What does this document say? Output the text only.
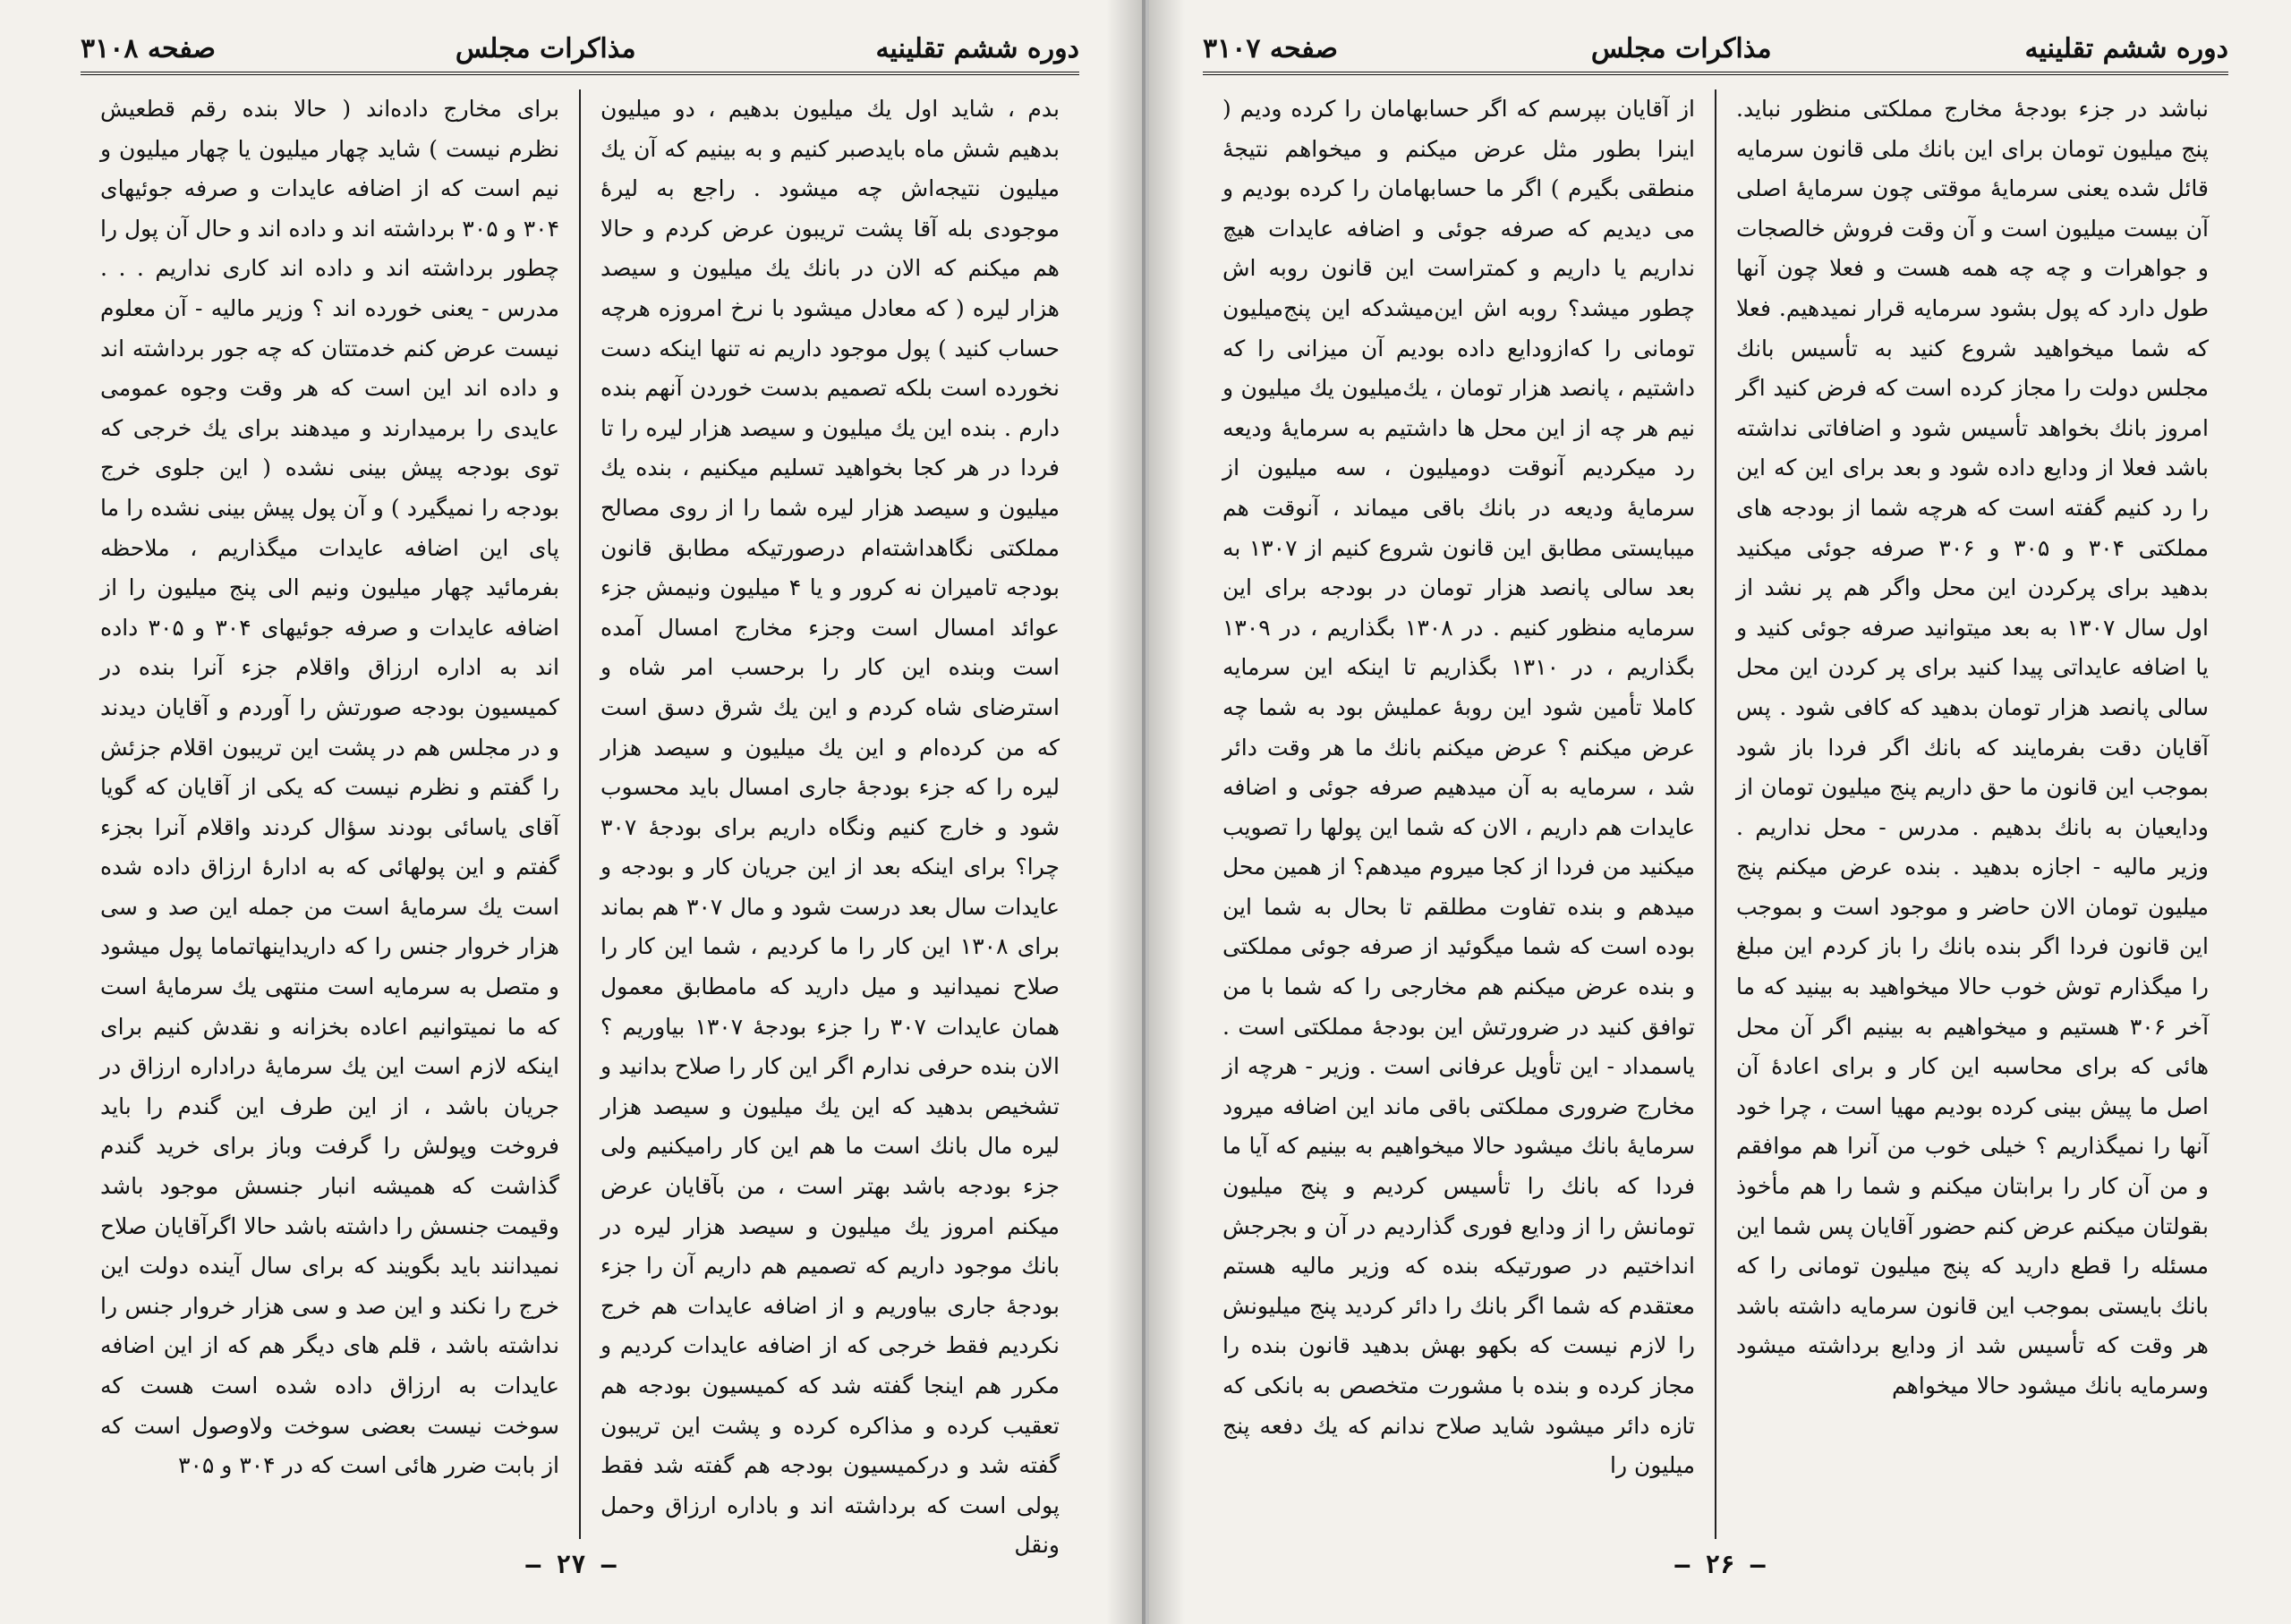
صفحه ۳۱۰۸	مذاکرات مجلس	دوره ششم تقلینیه

بدم ، شاید اول یك میلیون بدهیم ، دو میلیون بدهیم شش ماه بایدصبر کنیم و به بینیم که آن یك میلیون نتیجه‌اش چه میشود . راجع به لیرهٔ موجودی بله آقا پشت تریبون عرض کردم و حالا هم میکنم که الان در بانك یك میلیون و سیصد هزار لیره ( که معادل میشود با نرخ امروزه هرچه حساب کنید ) پول موجود داریم نه تنها اینکه دست نخورده است بلکه تصمیم بدست خوردن آنهم بنده دارم . بنده این یك میلیون و سیصد هزار لیره را تا فردا در هر کجا بخواهید تسلیم میکنیم ، بنده یك میلیون و سیصد هزار لیره شما را از روی مصالح مملکتی نگاهداشته‌ام درصورتیکه مطابق قانون بودجه تامیران نه کرور و یا ۴ میلیون ونیمش جزء عوائد امسال است وجزء مخارج امسال آمده است وبنده این کار را برحسب امر شاه و استرضای شاه کردم و این یك شرق دسق است که من کرده‌ام و این یك میلیون و سیصد هزار لیره را که جزء بودجهٔ جاری امسال باید محسوب شود و خارج کنیم ونگاه داریم برای بودجهٔ ۳۰۷ چرا؟ برای اینکه بعد از این جریان کار و بودجه و عایدات سال بعد درست شود و مال ۳۰۷ هم بماند برای ۱۳۰۸ این کار را ما کردیم ، شما این کار را صلاح نمیدانید و میل دارید که مامطابق معمول همان عایدات ۳۰۷ را جزء بودجهٔ ۱۳۰۷ بیاوریم ؟ الان بنده حرفی ندارم اگر این کار را صلاح بدانید و تشخیص بدهید که این یك میلیون و سیصد هزار لیره مال بانك است ما هم این کار رامیکنیم ولی جزء بودجه باشد بهتر است ، من بآقایان عرض میکنم امروز یك میلیون و سیصد هزار لیره در بانك موجود داریم که تصمیم هم داریم آن را جزء بودجهٔ جاری بیاوریم و از اضافه عایدات هم خرج نکردیم فقط خرجی که از اضافه عایدات کردیم و مکرر هم اینجا گفته شد که کمیسیون بودجه هم تعقیب کرده و مذاکره کرده و پشت این تریبون گفته شد و درکمیسیون بودجه هم گفته شد فقط پولی است که برداشته اند و باداره ارزاق وحمل ونقل

برای مخارج داده‌اند ( حالا بنده رقم قطعیش نظرم نیست ) شاید چهار میلیون یا چهار میلیون و نیم است که از اضافه عایدات و صرفه جوئیهای ۳۰۴ و ۳۰۵ برداشته اند و داده اند و حال آن پول را چطور برداشته اند و داده اند کاری نداریم . . . مدرس - یعنی خورده اند ؟ وزیر مالیه - آن معلوم نیست عرض کنم خدمتتان که چه جور برداشته اند و داده اند این است که هر وقت وجوه عمومی عایدی را برمیدارند و میدهند برای یك خرجی که توی بودجه پیش بینی نشده ( این جلوی خرج بودجه را نمیگیرد ) و آن پول پیش بینی نشده را ما پای این اضافه عایدات میگذاریم ، ملاحظه بفرمائید چهار میلیون ونیم الی پنج میلیون را از اضافه عایدات و صرفه جوئیهای ۳۰۴ و ۳۰۵ داده اند به اداره ارزاق واقلام جزء آنرا بنده در کمیسیون بودجه صورتش را آوردم و آقایان دیدند و در مجلس هم در پشت این تریبون اقلام جزئش را گفتم و نظرم نیست که یکی از آقایان که گویا آقای یاسائی بودند سؤال کردند واقلام آنرا بجزء گفتم و این پولهائی که به ادارهٔ ارزاق داده شده است یك سرمایهٔ است من جمله این صد و سی هزار خروار جنس را که داریداینهاتماما پول میشود و متصل به سرمایه است منتهی یك سرمایهٔ است که ما نمیتوانیم اعاده بخزانه و نقدش کنیم برای اینکه لازم است این یك سرمایهٔ دراداره ارزاق در جریان باشد ، از این طرف این گندم را باید فروخت وپولش را گرفت وباز برای خرید گندم گذاشت که همیشه انبار جنسش موجود باشد وقیمت جنسش را داشته باشد حالا اگرآقایان صلاح نمیدانند باید بگویند که برای سال آینده دولت این خرج را نکند و این صد و سی هزار خروار جنس را نداشته باشد ، قلم های دیگر هم که از این اضافه عایدات به ارزاق داده شده است هست که سوخت نیست بعضی سوخت ولاوصول است که از بابت ضرر هائی است که در ۳۰۴ و ۳۰۵

— ۲۷ —
صفحه ۳۱۰۷	مذاکرات مجلس	دوره ششم تقلینیه

نباشد در جزء بودجهٔ مخارج مملکتی منظور نباید. پنج میلیون تومان برای این بانك ملی قانون سرمایه قائل شده یعنی سرمایهٔ موقتی چون سرمایهٔ اصلی آن بیست میلیون است و آن وقت فروش خالصجات و جواهرات و چه چه همه هست و فعلا چون آنها طول دارد که پول بشود سرمایه قرار نمیدهیم. فعلا که شما میخواهید شروع کنید به تأسیس بانك مجلس دولت را مجاز کرده است که فرض کنید اگر امروز بانك بخواهد تأسیس شود و اضافاتی نداشته باشد فعلا از ودایع داده شود و بعد برای این که این را رد کنیم گفته است که هرچه شما از بودجه های مملکتی ۳۰۴ و ۳۰۵ و ۳۰۶ صرفه جوئی میکنید بدهید برای پرکردن این محل واگر هم پر نشد از اول سال ۱۳۰۷ به بعد میتوانید صرفه جوئی کنید و یا اضافه عایداتی پیدا کنید برای پر کردن این محل سالی پانصد هزار تومان بدهید که کافی شود . پس آقایان دقت بفرمایند که بانك اگر فردا باز شود بموجب این قانون ما حق داریم پنج میلیون تومان از ودایعیان به بانك بدهیم . مدرس - محل نداریم . وزیر مالیه - اجازه بدهید . بنده عرض میکنم پنج میلیون تومان الان حاضر و موجود است و بموجب این قانون فردا اگر بنده بانك را باز کردم این مبلغ را میگذارم توش خوب حالا میخواهید به بینید که ما آخر ۳۰۶ هستیم و میخواهیم به بینیم اگر آن محل هائی که برای محاسبه این کار و برای اعادهٔ آن اصل ما پیش بینی کرده بودیم مهیا است ، چرا خود آنها را نمیگذاریم ؟ خیلی خوب من آنرا هم موافقم و من آن کار را برابتان میکنم و شما را هم مأخوذ بقولتان میکنم عرض کنم حضور آقایان پس شما این مسئله را قطع دارید که پنج میلیون تومانی را که بانك بایستی بموجب این قانون سرمایه داشته باشد هر وقت که تأسیس شد از ودایع برداشته میشود وسرمایه بانك میشود حالا میخواهم

از آقایان بپرسم که اگر حسابهامان را کرده وديم ( اینرا بطور مثل عرض میکنم و میخواهم نتیجهٔ منطقی بگیرم ) اگر ما حسابهامان را کرده بودیم و می دیدیم که صرفه جوئی و اضافه عایدات هیچ نداریم یا داریم و کمتراست این قانون روبه اش چطور میشد؟ روبه اش این‌میشدکه این پنج‌میلیون تومانی را که‌ازودایع داده بودیم آن میزانی را که داشتیم ، پانصد هزار تومان ، یك‌میلیون یك میلیون و نیم هر چه از این محل ها داشتیم به سرمایهٔ ودیعه رد میکردیم آنوقت دومیلیون ، سه میلیون از سرمایهٔ ودیعه در بانك باقی میماند ، آنوقت هم میبایستی مطابق این قانون شروع کنیم از ۱۳۰۷ به بعد سالی پانصد هزار تومان در بودجه برای این سرمایه منظور کنیم . در ۱۳۰۸ بگذاریم ، در ۱۳۰۹ بگذاریم ، در ۱۳۱۰ بگذاریم تا اینکه این سرمایه کاملا تأمین شود این روبهٔ عملیش بود به شما چه عرض میکنم ؟ عرض میکنم بانك ما هر وقت دائر شد ، سرمایه به آن میدهیم صرفه جوئی و اضافه عایدات هم داریم ، الان که شما این پولها را تصویب میکنید من فردا از کجا میروم میدهم؟ از همین محل میدهم و بنده تفاوت مطلقم تا بحال به شما این بوده است که شما میگوئید از صرفه جوئی مملکتی و بنده عرض میکنم هم مخارجی را که شما با من توافق کنید در ضرورتش این بودجهٔ مملکتی است . یاسمداد - این تأویل عرفانی است . وزیر - هرچه از مخارج ضروری مملکتی باقی ماند این اضافه میرود سرمایهٔ بانك میشود حالا میخواهیم به بینیم که آیا ما فردا که بانك را تأسیس کردیم و پنج میلیون تومانش را از ودایع فوری گذاردیم در آن و بجرجش انداختیم در صورتیکه بنده که وزیر مالیه هستم معتقدم که شما اگر بانك را دائر کردید پنج میلیونش را لازم نیست که بکهو بهش بدهید قانون بنده را مجاز کرده و بنده با مشورت متخصص به بانکی که تازه دائر میشود شاید صلاح ندانم که یك دفعه پنج میلیون را

— ۲۶ —
